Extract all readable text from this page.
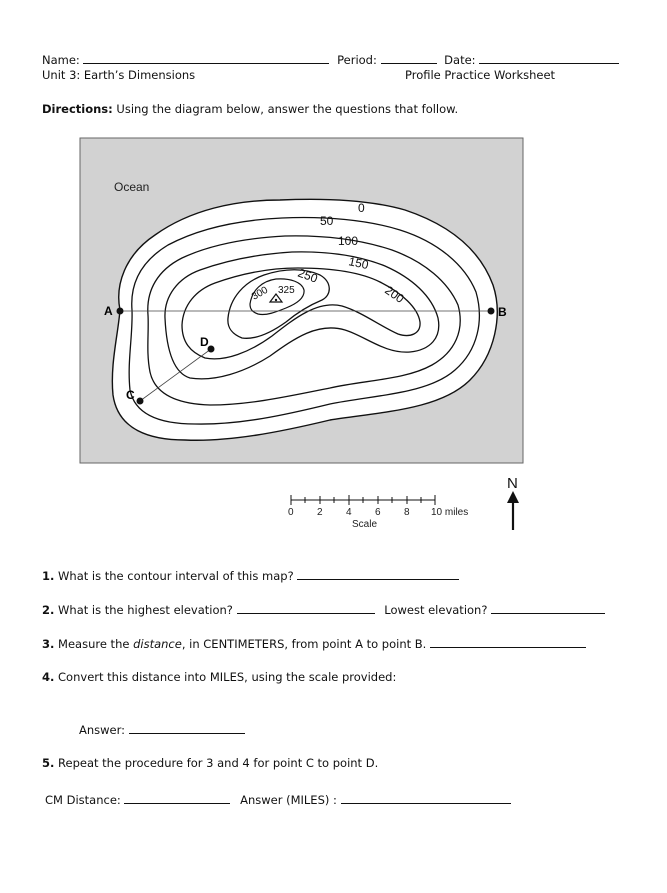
Name:	Period:	Date:
Unit 3: Earth’s Dimensions	Profile Practice Worksheet
Directions: Using the diagram below, answer the questions that follow.
0
50
100
150
200
250
300 325
Ocean
A	B
C
D
0 2 4 6 8 10 miles
Scale
N
1. What is the contour interval of this map?
2. What is the highest elevation?	Lowest elevation?
3. Measure the distance, in CENTIMETERS, from point A to point B.
4. Convert this distance into MILES, using the scale provided:
Answer:
5. Repeat the procedure for 3 and 4 for point C to point D.
CM Distance:	Answer (MILES) :
